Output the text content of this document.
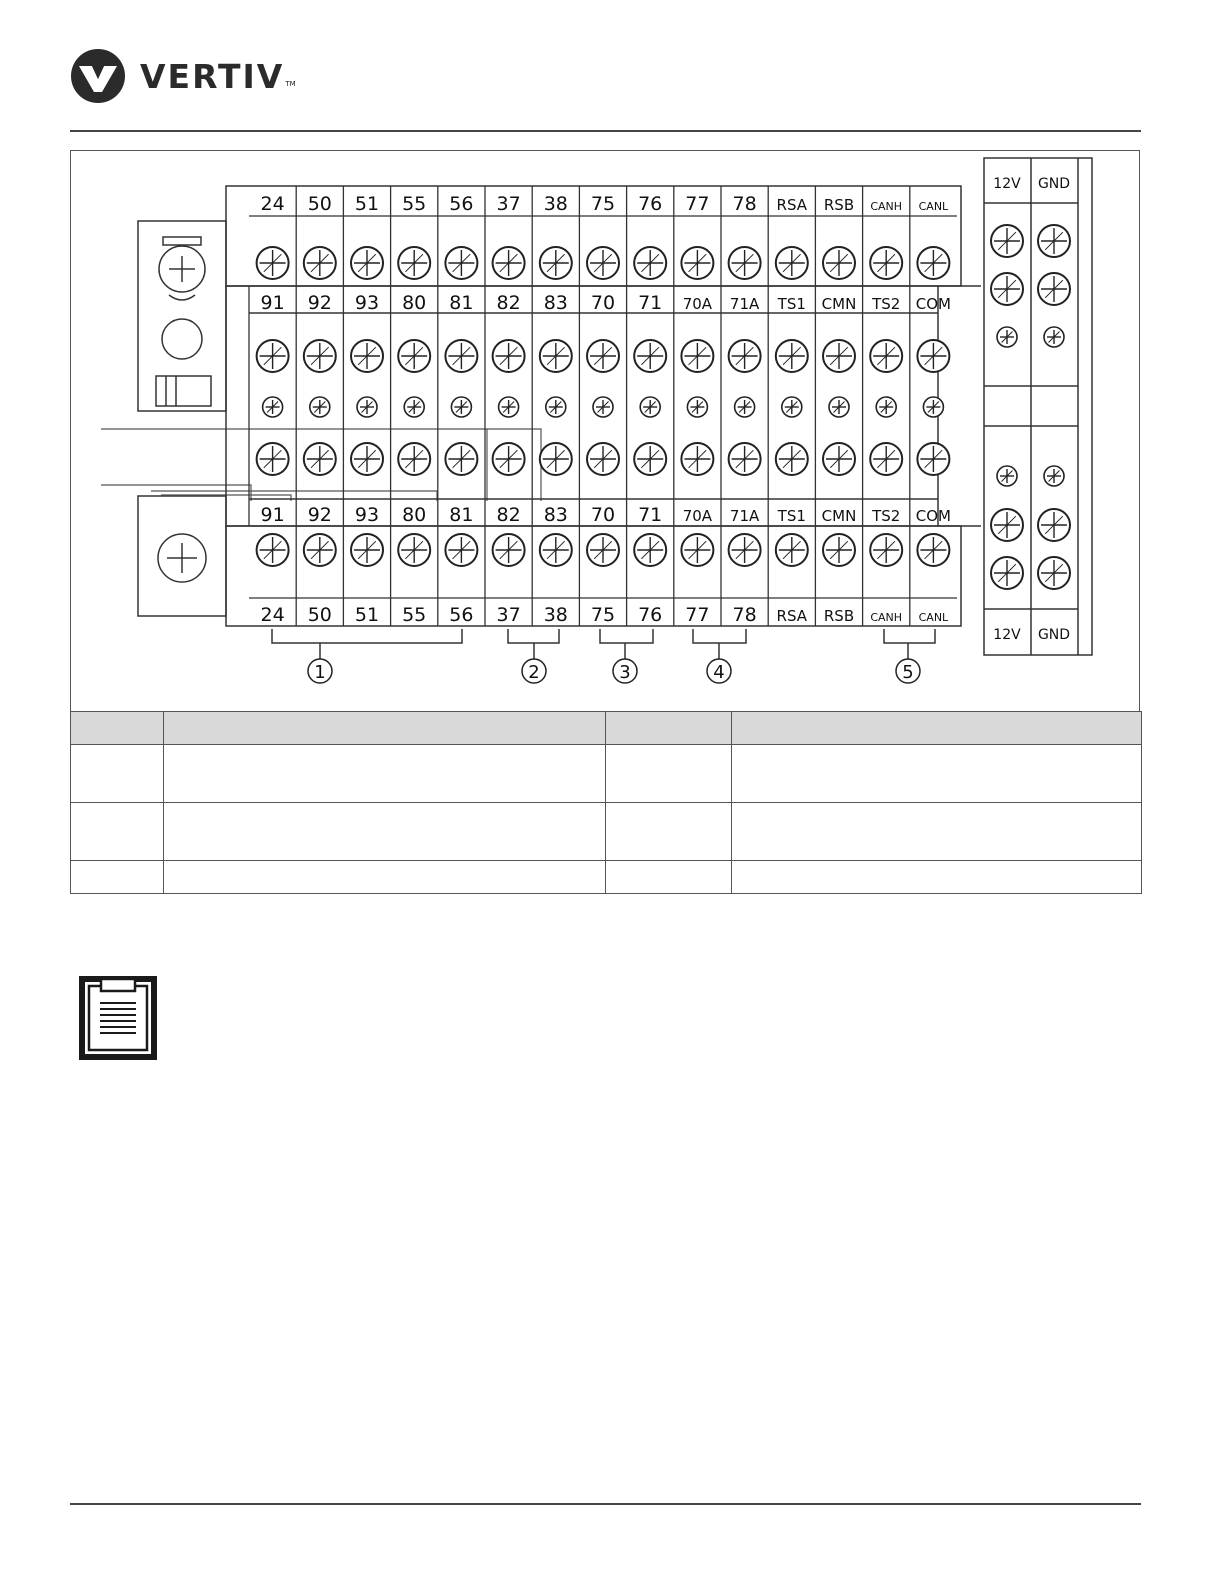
VERTIV TM
24 50 51 55 56 37 38 75 76 77 78 RSA RSB CANH CANL
24 50 51 55 56 37 38 75 76 77 78 RSA RSB CANH CANL
91 92 93 80 81 82 83 70 71 70A 71A TS1 CMN TS2 COM
91 92 93 80 81 82 83 70 71 70A 71A TS1 CMN TS2 COM
12V
12V
GND
GND
1	2	3	4	5
